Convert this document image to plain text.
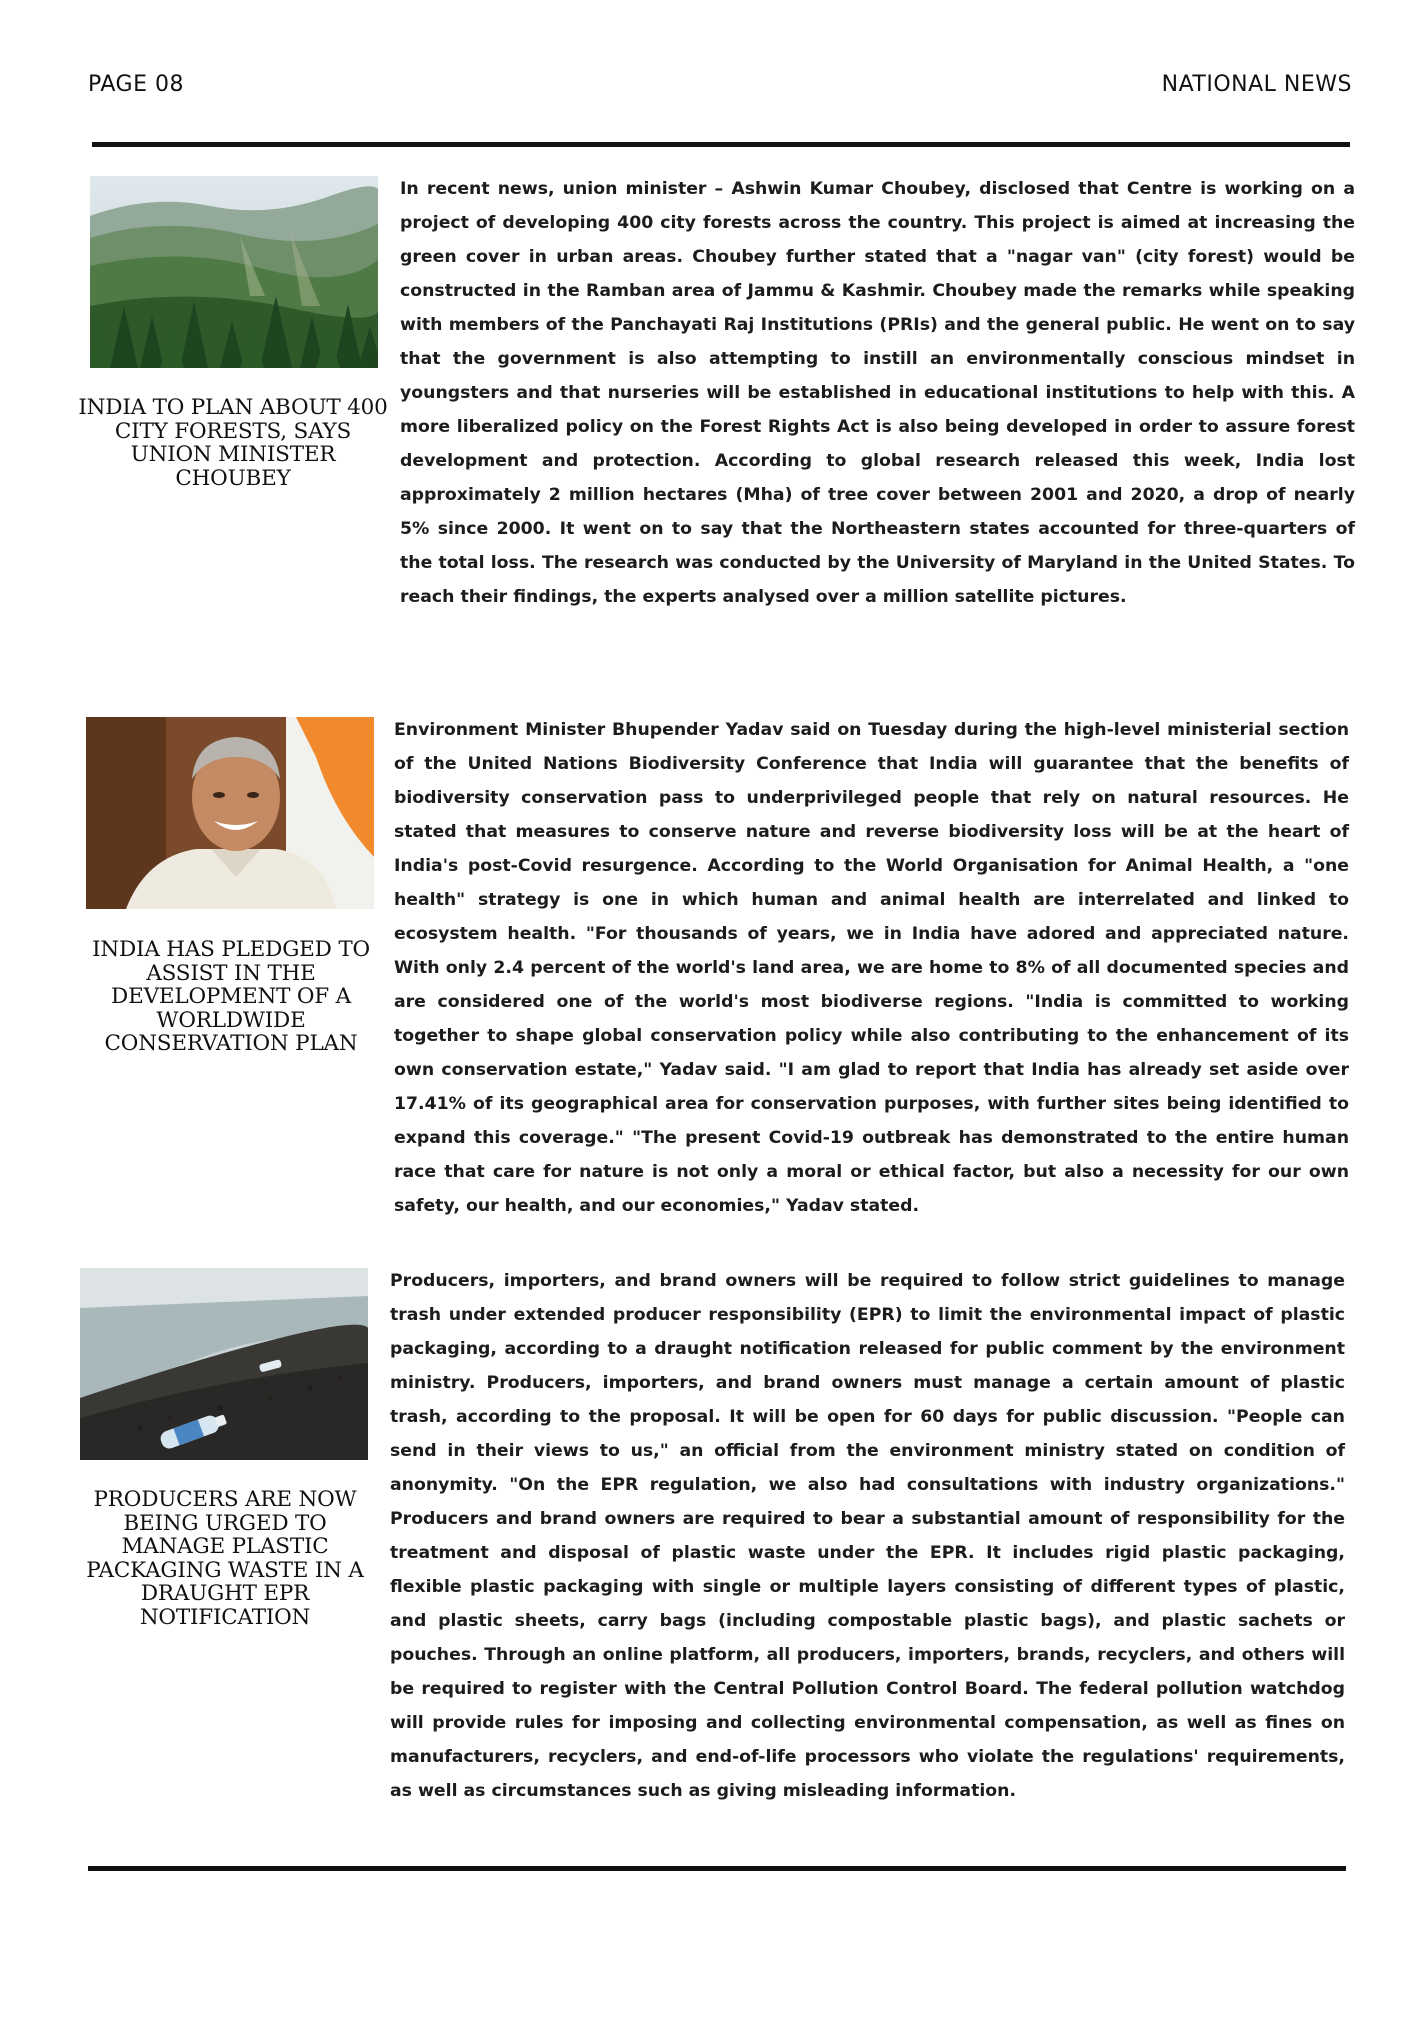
PAGE 08	NATIONAL NEWS
INDIA TO PLAN ABOUT 400 CITY FORESTS, SAYS UNION MINISTER CHOUBEY

In recent news, union minister – Ashwin Kumar Choubey, disclosed that Centre is working on a project of developing 400 city forests across the country. This project is aimed at increasing the green cover in urban areas. Choubey further stated that a "nagar van" (city forest) would be constructed in the Ramban area of Jammu & Kashmir. Choubey made the remarks while speaking with members of the Panchayati Raj Institutions (PRIs) and the general public. He went on to say that the government is also attempting to instill an environmentally conscious mindset in youngsters and that nurseries will be established in educational institutions to help with this. A more liberalized policy on the Forest Rights Act is also being developed in order to assure forest development and protection. According to global research released this week, India lost approximately 2 million hectares (Mha) of tree cover between 2001 and 2020, a drop of nearly 5% since 2000. It went on to say that the Northeastern states accounted for three-quarters of the total loss. The research was conducted by the University of Maryland in the United States. To reach their findings, the experts analysed over a million satellite pictures.

INDIA HAS PLEDGED TO ASSIST IN THE DEVELOPMENT OF A WORLDWIDE CONSERVATION PLAN

Environment Minister Bhupender Yadav said on Tuesday during the high-level ministerial section of the United Nations Biodiversity Conference that India will guarantee that the benefits of biodiversity conservation pass to underprivileged people that rely on natural resources. He stated that measures to conserve nature and reverse biodiversity loss will be at the heart of India's post-Covid resurgence. According to the World Organisation for Animal Health, a "one health" strategy is one in which human and animal health are interrelated and linked to ecosystem health. "For thousands of years, we in India have adored and appreciated nature. With only 2.4 percent of the world's land area, we are home to 8% of all documented species and are considered one of the world's most biodiverse regions. "India is committed to working together to shape global conservation policy while also contributing to the enhancement of its own conservation estate," Yadav said. "I am glad to report that India has already set aside over 17.41% of its geographical area for conservation purposes, with further sites being identified to expand this coverage." "The present Covid-19 outbreak has demonstrated to the entire human race that care for nature is not only a moral or ethical factor, but also a necessity for our own safety, our health, and our economies," Yadav stated.

PRODUCERS ARE NOW BEING URGED TO MANAGE PLASTIC PACKAGING WASTE IN A DRAUGHT EPR NOTIFICATION

Producers, importers, and brand owners will be required to follow strict guidelines to manage trash under extended producer responsibility (EPR) to limit the environmental impact of plastic packaging, according to a draught notification released for public comment by the environment ministry. Producers, importers, and brand owners must manage a certain amount of plastic trash, according to the proposal. It will be open for 60 days for public discussion. "People can send in their views to us," an official from the environment ministry stated on condition of anonymity. "On the EPR regulation, we also had consultations with industry organizations." Producers and brand owners are required to bear a substantial amount of responsibility for the treatment and disposal of plastic waste under the EPR. It includes rigid plastic packaging, flexible plastic packaging with single or multiple layers consisting of different types of plastic, and plastic sheets, carry bags (including compostable plastic bags), and plastic sachets or pouches. Through an online platform, all producers, importers, brands, recyclers, and others will be required to register with the Central Pollution Control Board. The federal pollution watchdog will provide rules for imposing and collecting environmental compensation, as well as fines on manufacturers, recyclers, and end-of-life processors who violate the regulations' requirements, as well as circumstances such as giving misleading information.
